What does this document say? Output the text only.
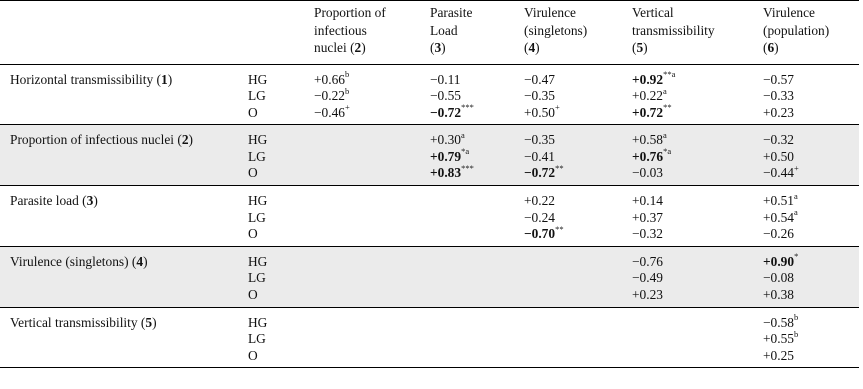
		Proportion of
infectious
nuclei (2)	Parasite
Load
(3)	Virulence
(singletons)
(4)	Vertical
transmissibility
(5)	Virulence
(population)
(6)
Horizontal transmissibility (1)	HG	+0.66$^b$	−0.11	−0.47	$+0.92^{**a}$	−0.57
	LG	−0.22$^b$	−0.55	−0.35	+0.22$^a$	−0.33
	O	−0.46+	−0.72***	+0.50+	+0.72**	+0.23
Proportion of infectious nuclei (2)	HG		+0.30$^a$	−0.35	+0.58$^a$	−0.32
	LG		$+0.79^{*a}$	−0.41	$+0.76^{*a}$	+0.50
	O		+0.83***	−0.72**	−0.03	−0.44+
Parasite load (3)	HG			+0.22	+0.14	+0.51$^a$
	LG			−0.24	+0.37	+0.54$^a$
	O			−0.70**	−0.32	−0.26
Virulence (singletons) (4)	HG				−0.76	+0.90*
	LG				−0.49	−0.08
	O				+0.23	+0.38
Vertical transmissibility (5)	HG					−0.58$^b$
	LG					+0.55$^b$
	O					+0.25
